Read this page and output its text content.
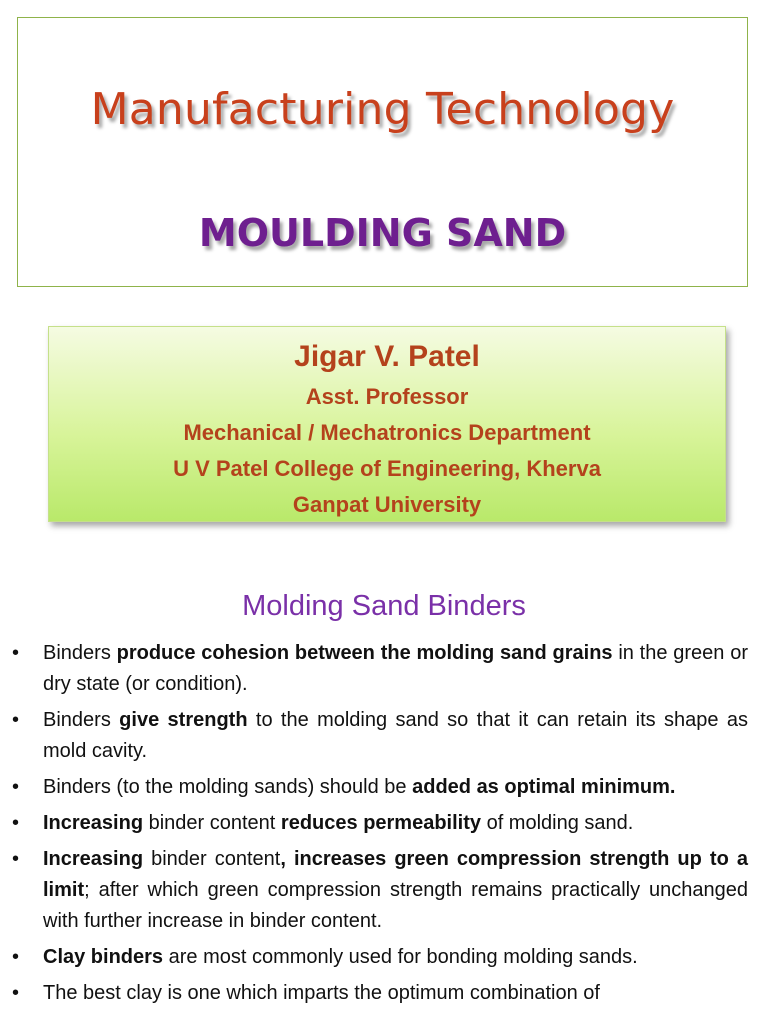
Manufacturing Technology
MOULDING SAND
Jigar V. Patel
Asst. Professor
Mechanical / Mechatronics Department
U V Patel College of Engineering, Kherva
Ganpat University
Molding Sand Binders
• Binders produce cohesion between the molding sand grains in the green or dry state (or condition).
• Binders give strength to the molding sand so that it can retain its shape as mold cavity.
• Binders (to the molding sands) should be added as optimal minimum.
• Increasing binder content reduces permeability of molding sand.
• Increasing binder content, increases green compression strength up to a limit; after which green compression strength remains practically unchanged with further increase in binder content.
• Clay binders are most commonly used for bonding molding sands.
• The best clay is one which imparts the optimum combination of
